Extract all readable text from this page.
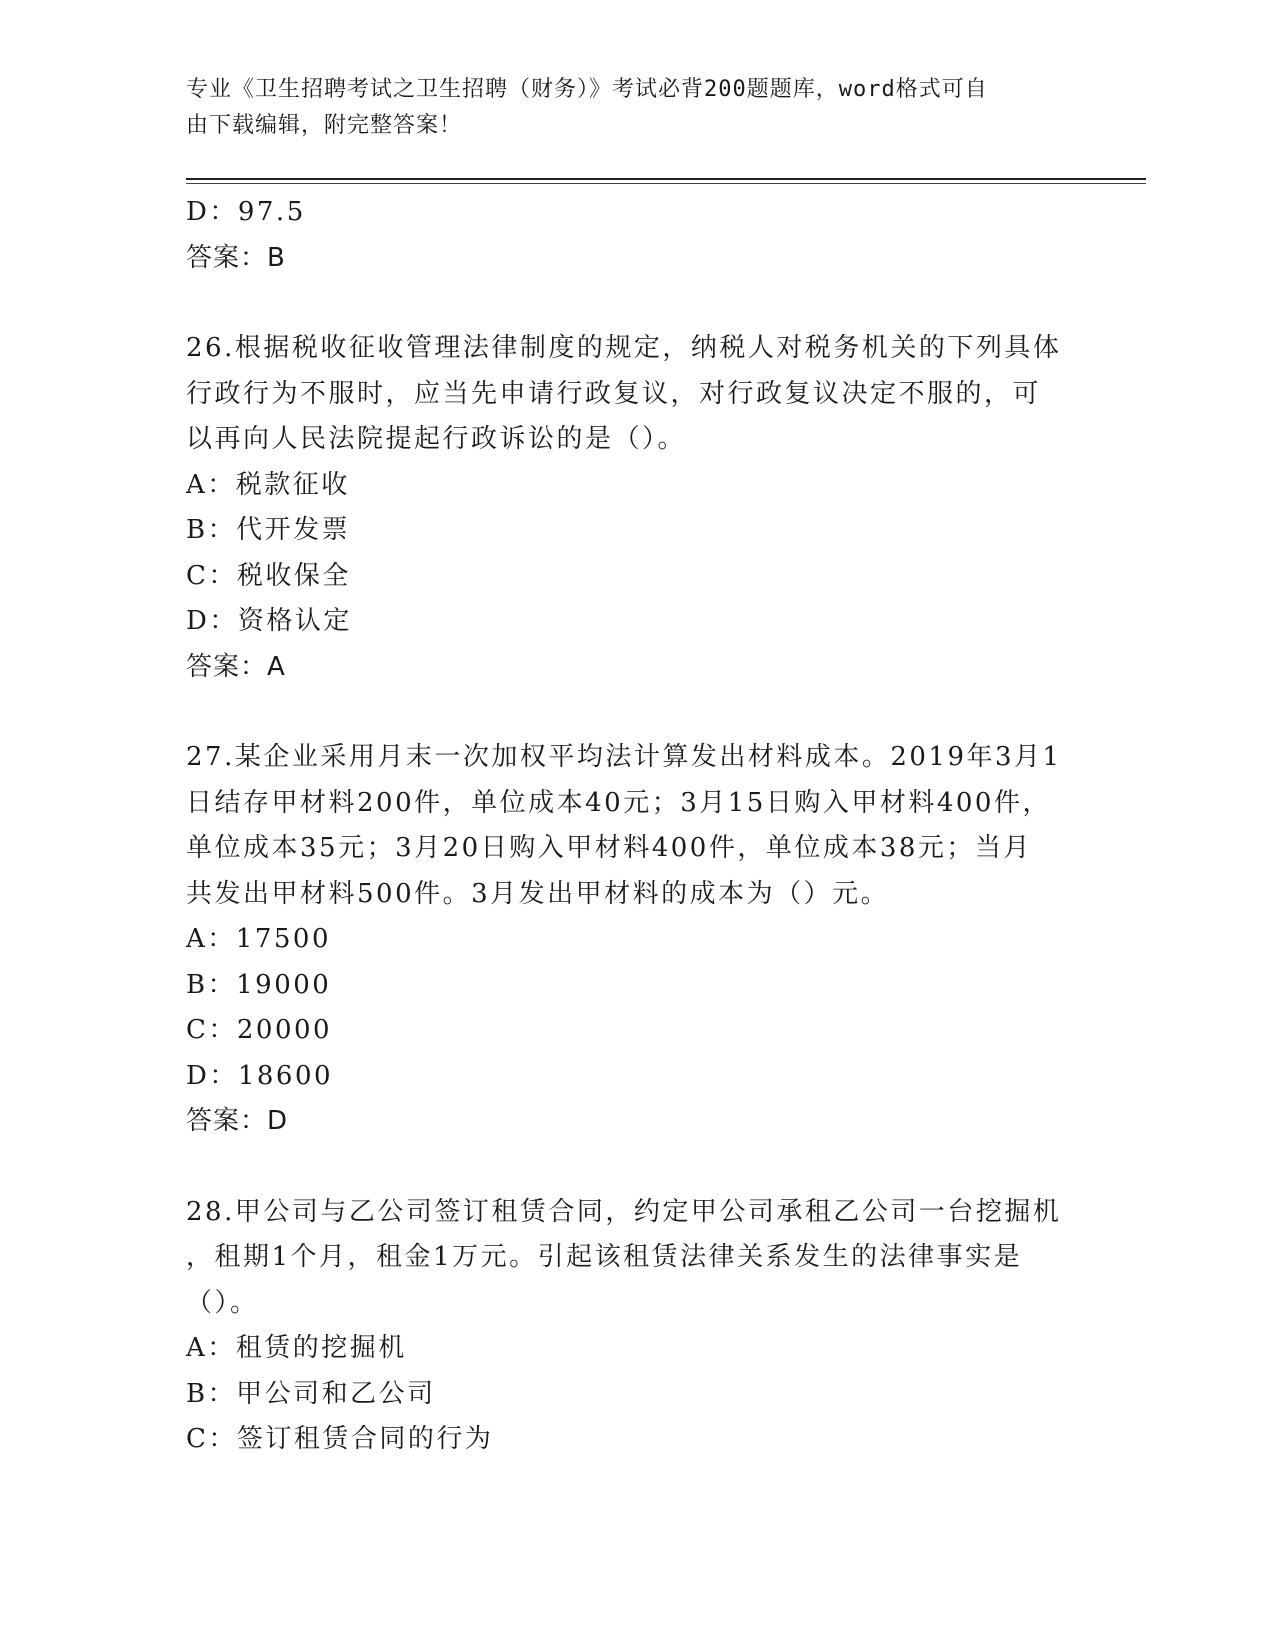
专业《卫生招聘考试之卫生招聘（财务）》考试必背200题题库，word格式可自
由下载编辑，附完整答案！
D：97.5
答案：B
26.根据税收征收管理法律制度的规定，纳税人对税务机关的下列具体
行政行为不服时，应当先申请行政复议，对行政复议决定不服的，可
以再向人民法院提起行政诉讼的是（）。
A：税款征收
B：代开发票
C：税收保全
D：资格认定
答案：A
27.某企业采用月末一次加权平均法计算发出材料成本。2019年3月1
日结存甲材料200件，单位成本40元；3月15日购入甲材料400件，
单位成本35元；3月20日购入甲材料400件，单位成本38元；当月
共发出甲材料500件。3月发出甲材料的成本为（）元。
A：17500
B：19000
C：20000
D：18600
答案：D
28.甲公司与乙公司签订租赁合同，约定甲公司承租乙公司一台挖掘机
，租期1个月，租金1万元。引起该租赁法律关系发生的法律事实是
（）。
A：租赁的挖掘机
B：甲公司和乙公司
C：签订租赁合同的行为
